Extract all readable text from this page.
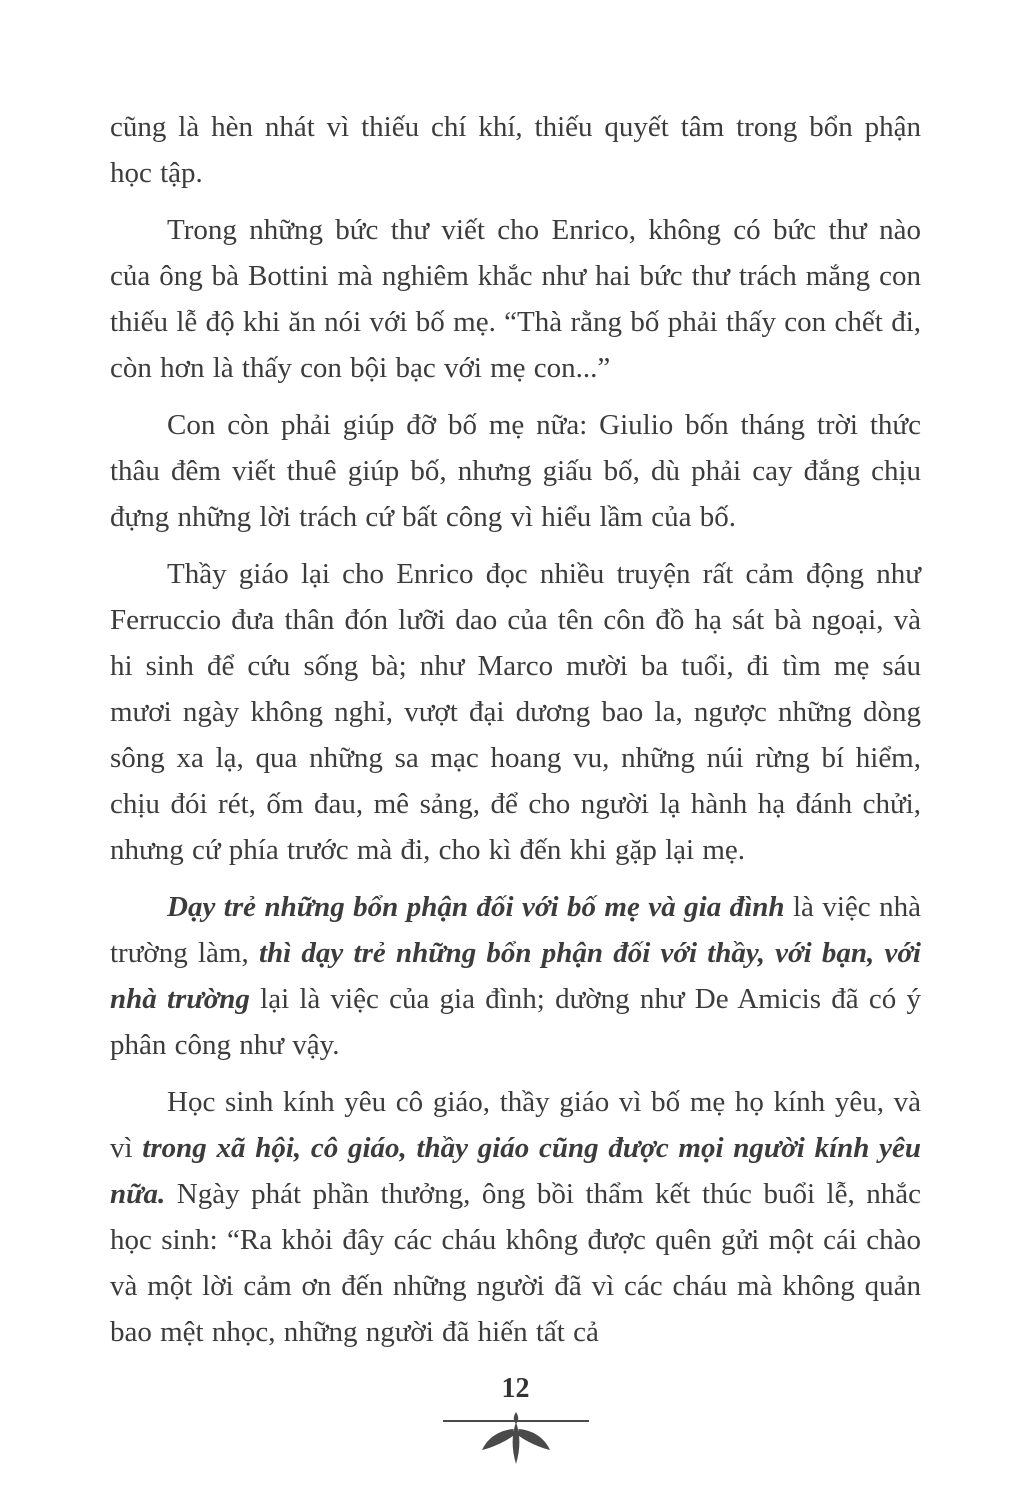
cũng là hèn nhát vì thiếu chí khí, thiếu quyết tâm trong bổn phận học tập.

Trong những bức thư viết cho Enrico, không có bức thư nào của ông bà Bottini mà nghiêm khắc như hai bức thư trách mắng con thiếu lễ độ khi ăn nói với bố mẹ. “Thà rằng bố phải thấy con chết đi, còn hơn là thấy con bội bạc với mẹ con...”

Con còn phải giúp đỡ bố mẹ nữa: Giulio bốn tháng trời thức thâu đêm viết thuê giúp bố, nhưng giấu bố, dù phải cay đắng chịu đựng những lời trách cứ bất công vì hiểu lầm của bố.

Thầy giáo lại cho Enrico đọc nhiều truyện rất cảm động như Ferruccio đưa thân đón lưỡi dao của tên côn đồ hạ sát bà ngoại, và hi sinh để cứu sống bà; như Marco mười ba tuổi, đi tìm mẹ sáu mươi ngày không nghỉ, vượt đại dương bao la, ngược những dòng sông xa lạ, qua những sa mạc hoang vu, những núi rừng bí hiểm, chịu đói rét, ốm đau, mê sảng, để cho người lạ hành hạ đánh chửi, nhưng cứ phía trước mà đi, cho kì đến khi gặp lại mẹ.

Dạy trẻ những bổn phận đối với bố mẹ và gia đình là việc nhà trường làm, thì dạy trẻ những bổn phận đối với thầy, với bạn, với nhà trường lại là việc của gia đình; dường như De Amicis đã có ý phân công như vậy.

Học sinh kính yêu cô giáo, thầy giáo vì bố mẹ họ kính yêu, và vì trong xã hội, cô giáo, thầy giáo cũng được mọi người kính yêu nữa. Ngày phát phần thưởng, ông bồi thẩm kết thúc buổi lễ, nhắc học sinh: “Ra khỏi đây các cháu không được quên gửi một cái chào và một lời cảm ơn đến những người đã vì các cháu mà không quản bao mệt nhọc, những người đã hiến tất cả

12
